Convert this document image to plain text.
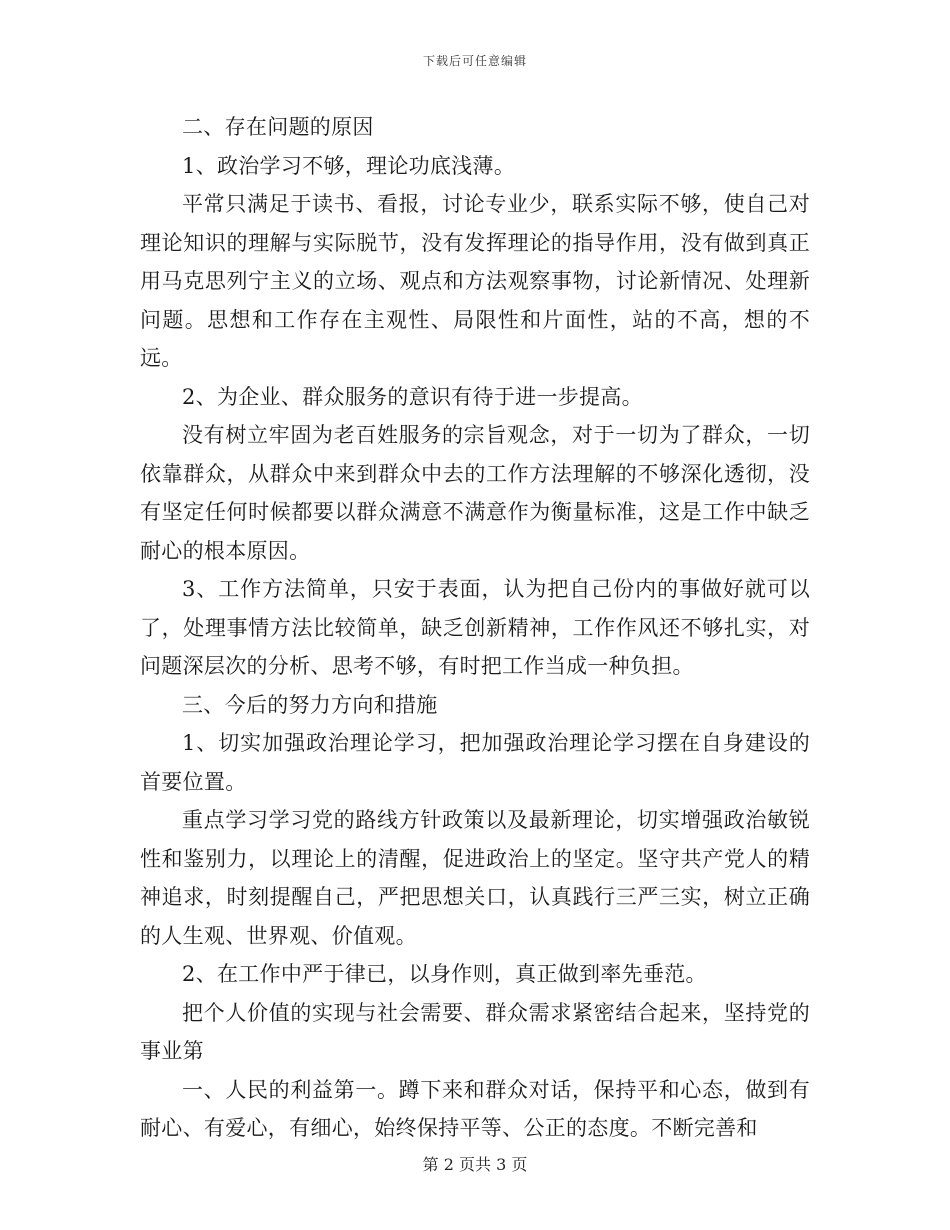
下载后可任意编辑

二、存在问题的原因

1、政治学习不够，理论功底浅薄。

平常只满足于读书、看报，讨论专业少，联系实际不够，使自己对理论知识的理解与实际脱节，没有发挥理论的指导作用，没有做到真正用马克思列宁主义的立场、观点和方法观察事物，讨论新情况、处理新问题。思想和工作存在主观性、局限性和片面性，站的不高，想的不远。

2、为企业、群众服务的意识有待于进一步提高。

没有树立牢固为老百姓服务的宗旨观念，对于一切为了群众，一切依靠群众，从群众中来到群众中去的工作方法理解的不够深化透彻，没有坚定任何时候都要以群众满意不满意作为衡量标准，这是工作中缺乏耐心的根本原因。

3、工作方法简单，只安于表面，认为把自己份内的事做好就可以了，处理事情方法比较简单，缺乏创新精神，工作作风还不够扎实，对问题深层次的分析、思考不够，有时把工作当成一种负担。

三、今后的努力方向和措施

1、切实加强政治理论学习，把加强政治理论学习摆在自身建设的首要位置。

重点学习学习党的路线方针政策以及最新理论，切实增强政治敏锐性和鉴别力，以理论上的清醒，促进政治上的坚定。坚守共产党人的精神追求，时刻提醒自己，严把思想关口，认真践行三严三实，树立正确的人生观、世界观、价值观。

2、在工作中严于律已，以身作则，真正做到率先垂范。

把个人价值的实现与社会需要、群众需求紧密结合起来，坚持党的事业第

一、人民的利益第一。蹲下来和群众对话，保持平和心态，做到有耐心、有爱心，有细心，始终保持平等、公正的态度。不断完善和

第 2 页共 3 页
